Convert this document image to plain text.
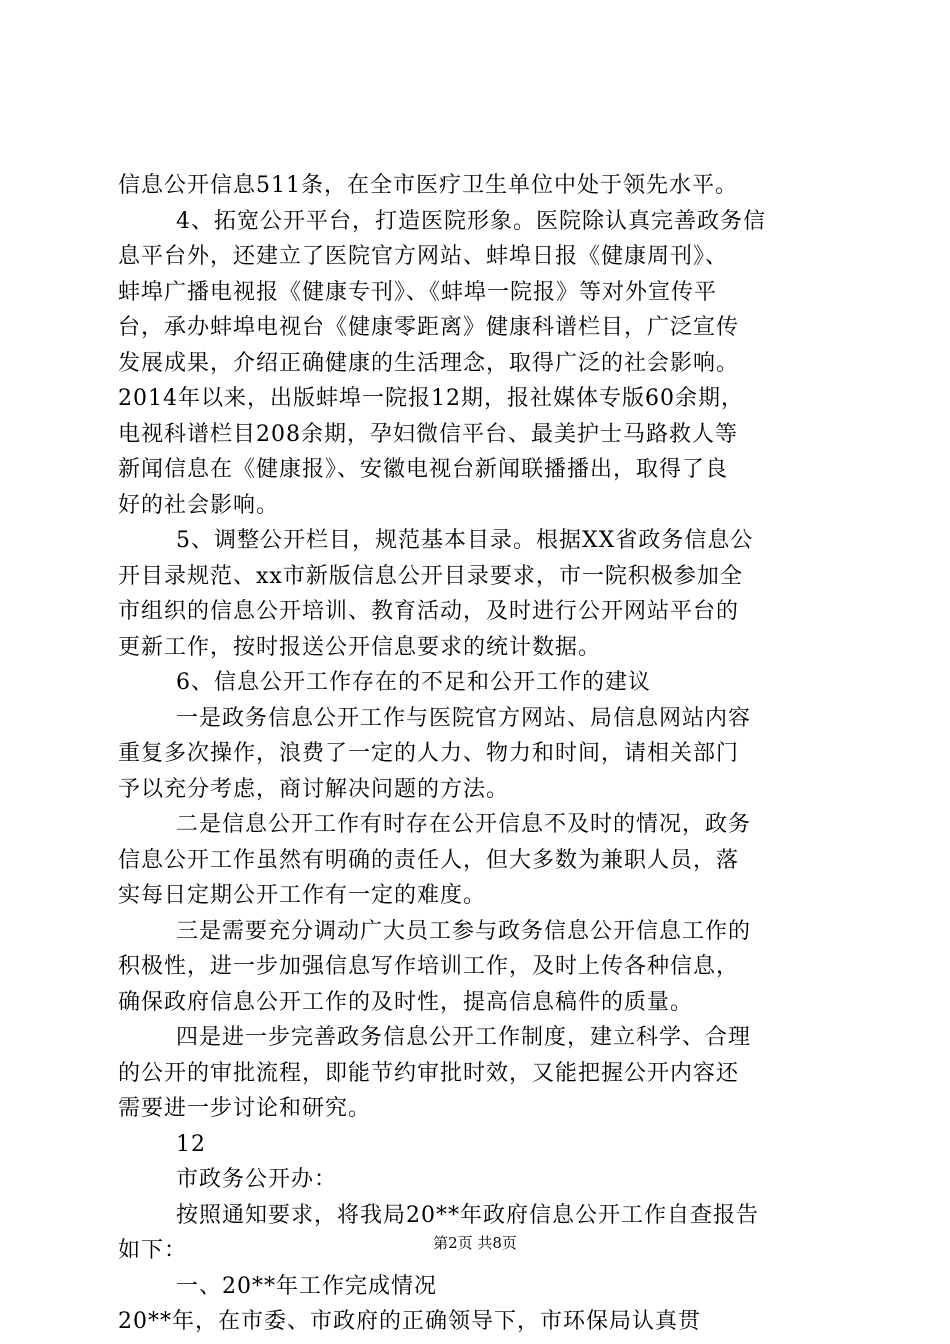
信息公开信息511条，在全市医疗卫生单位中处于领先水平。
4、拓宽公开平台，打造医院形象。医院除认真完善政务信
息平台外，还建立了医院官方网站、蚌埠日报《健康周刊》、
蚌埠广播电视报《健康专刊》、《蚌埠一院报》等对外宣传平
台，承办蚌埠电视台《健康零距离》健康科谱栏目，广泛宣传
发展成果，介绍正确健康的生活理念，取得广泛的社会影响。
2014年以来，出版蚌埠一院报12期，报社媒体专版60余期，
电视科谱栏目208余期，孕妇微信平台、最美护士马路救人等
新闻信息在《健康报》、安徽电视台新闻联播播出，取得了良
好的社会影响。
5、调整公开栏目，规范基本目录。根据XX省政务信息公
开目录规范、xx市新版信息公开目录要求，市一院积极参加全
市组织的信息公开培训、教育活动，及时进行公开网站平台的
更新工作，按时报送公开信息要求的统计数据。
6、信息公开工作存在的不足和公开工作的建议
一是政务信息公开工作与医院官方网站、局信息网站内容
重复多次操作，浪费了一定的人力、物力和时间，请相关部门
予以充分考虑，商讨解决问题的方法。
二是信息公开工作有时存在公开信息不及时的情况，政务
信息公开工作虽然有明确的责任人，但大多数为兼职人员，落
实每日定期公开工作有一定的难度。
三是需要充分调动广大员工参与政务信息公开信息工作的
积极性，进一步加强信息写作培训工作，及时上传各种信息，
确保政府信息公开工作的及时性，提高信息稿件的质量。
四是进一步完善政务信息公开工作制度，建立科学、合理
的公开的审批流程，即能节约审批时效，又能把握公开内容还
需要进一步讨论和研究。
12
市政务公开办：
按照通知要求，将我局20**年政府信息公开工作自查报告
如下：
一、20**年工作完成情况
20**年，在市委、市政府的正确领导下，市环保局认真贯
第2页 共8页
